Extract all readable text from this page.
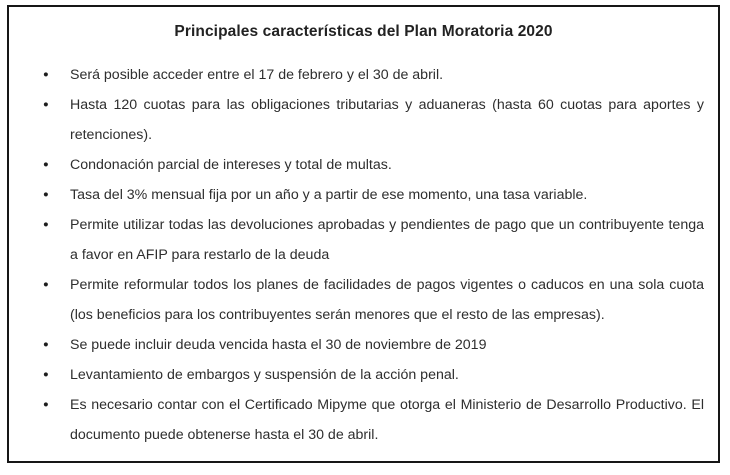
Principales características del Plan Moratoria 2020
●	Será posible acceder entre el 17 de febrero y el 30 de abril.
●	Hasta 120 cuotas para las obligaciones tributarias y aduaneras (hasta 60 cuotas para aportes y retenciones).
●	Condonación parcial de intereses y total de multas.
●	Tasa del 3% mensual fija por un año y a partir de ese momento, una tasa variable.
●	Permite utilizar todas las devoluciones aprobadas y pendientes de pago que un contribuyente tenga a favor en AFIP para restarlo de la deuda
●	Permite reformular todos los planes de facilidades de pagos vigentes o caducos en una sola cuota (los beneficios para los contribuyentes serán menores que el resto de las empresas).
●	Se puede incluir deuda vencida hasta el 30 de noviembre de 2019
●	Levantamiento de embargos y suspensión de la acción penal.
●	Es necesario contar con el Certificado Mipyme que otorga el Ministerio de Desarrollo Productivo. El documento puede obtenerse hasta el 30 de abril.
